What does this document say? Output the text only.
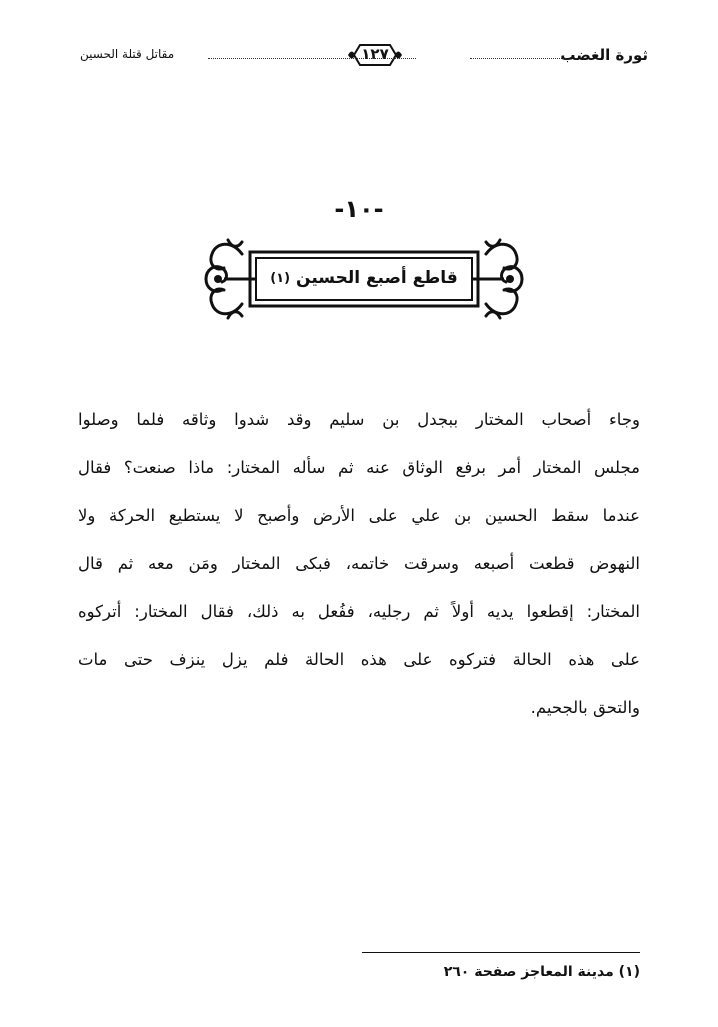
ثورة الغضب
١٢٧
مقاتل قتلة الحسين
-١٠-
قاطع أصبع الحسين
(١)
وجاء أصحاب المختار ببجدل بن سليم وقد شدوا وثاقه فلما وصلوا
مجلس المختار أمر برفع الوثاق عنه ثم سأله المختار: ماذا صنعت؟ فقال
عندما سقط الحسين بن علي على الأرض وأصبح لا يستطيع الحركة ولا
النهوض قطعت أصبعه وسرقت خاتمه، فبكى المختار ومَن معه ثم قال
المختار: إقطعوا يديه أولاً ثم رجليه، ففُعل به ذلك، فقال المختار: أتركوه
على هذه الحالة فتركوه على هذه الحالة فلم يزل ينزف حتى مات
والتحق بالجحيم.
(١) مدينة المعاجز صفحة ٢٦٠
